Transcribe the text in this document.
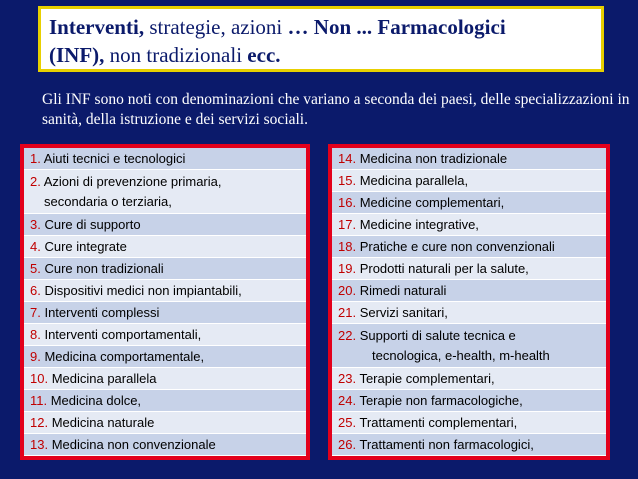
Interventi, strategie, azioni … Non ... Farmacologici
(INF), non tradizionali ecc.
Gli INF sono noti con denominazioni che variano a seconda dei paesi, delle specializzazioni in sanità, della istruzione e dei servizi sociali.
1. Aiuti tecnici e tecnologici
2. Azioni di prevenzione primaria,
secondaria o terziaria,
3. Cure di supporto
4. Cure integrate
5. Cure non tradizionali
6. Dispositivi medici non impiantabili,
7. Interventi complessi
8. Interventi comportamentali,
9. Medicina comportamentale,
10. Medicina parallela
11. Medicina dolce,
12. Medicina naturale
13. Medicina non convenzionale
14. Medicina non tradizionale
15. Medicina parallela,
16. Medicine complementari,
17. Medicine integrative,
18. Pratiche e cure non convenzionali
19. Prodotti naturali per la salute,
20. Rimedi naturali
21. Servizi sanitari,
22. Supporti di salute tecnica e
tecnologica, e-health, m-health
23. Terapie complementari,
24. Terapie non farmacologiche,
25. Trattamenti complementari,
26. Trattamenti non farmacologici,
